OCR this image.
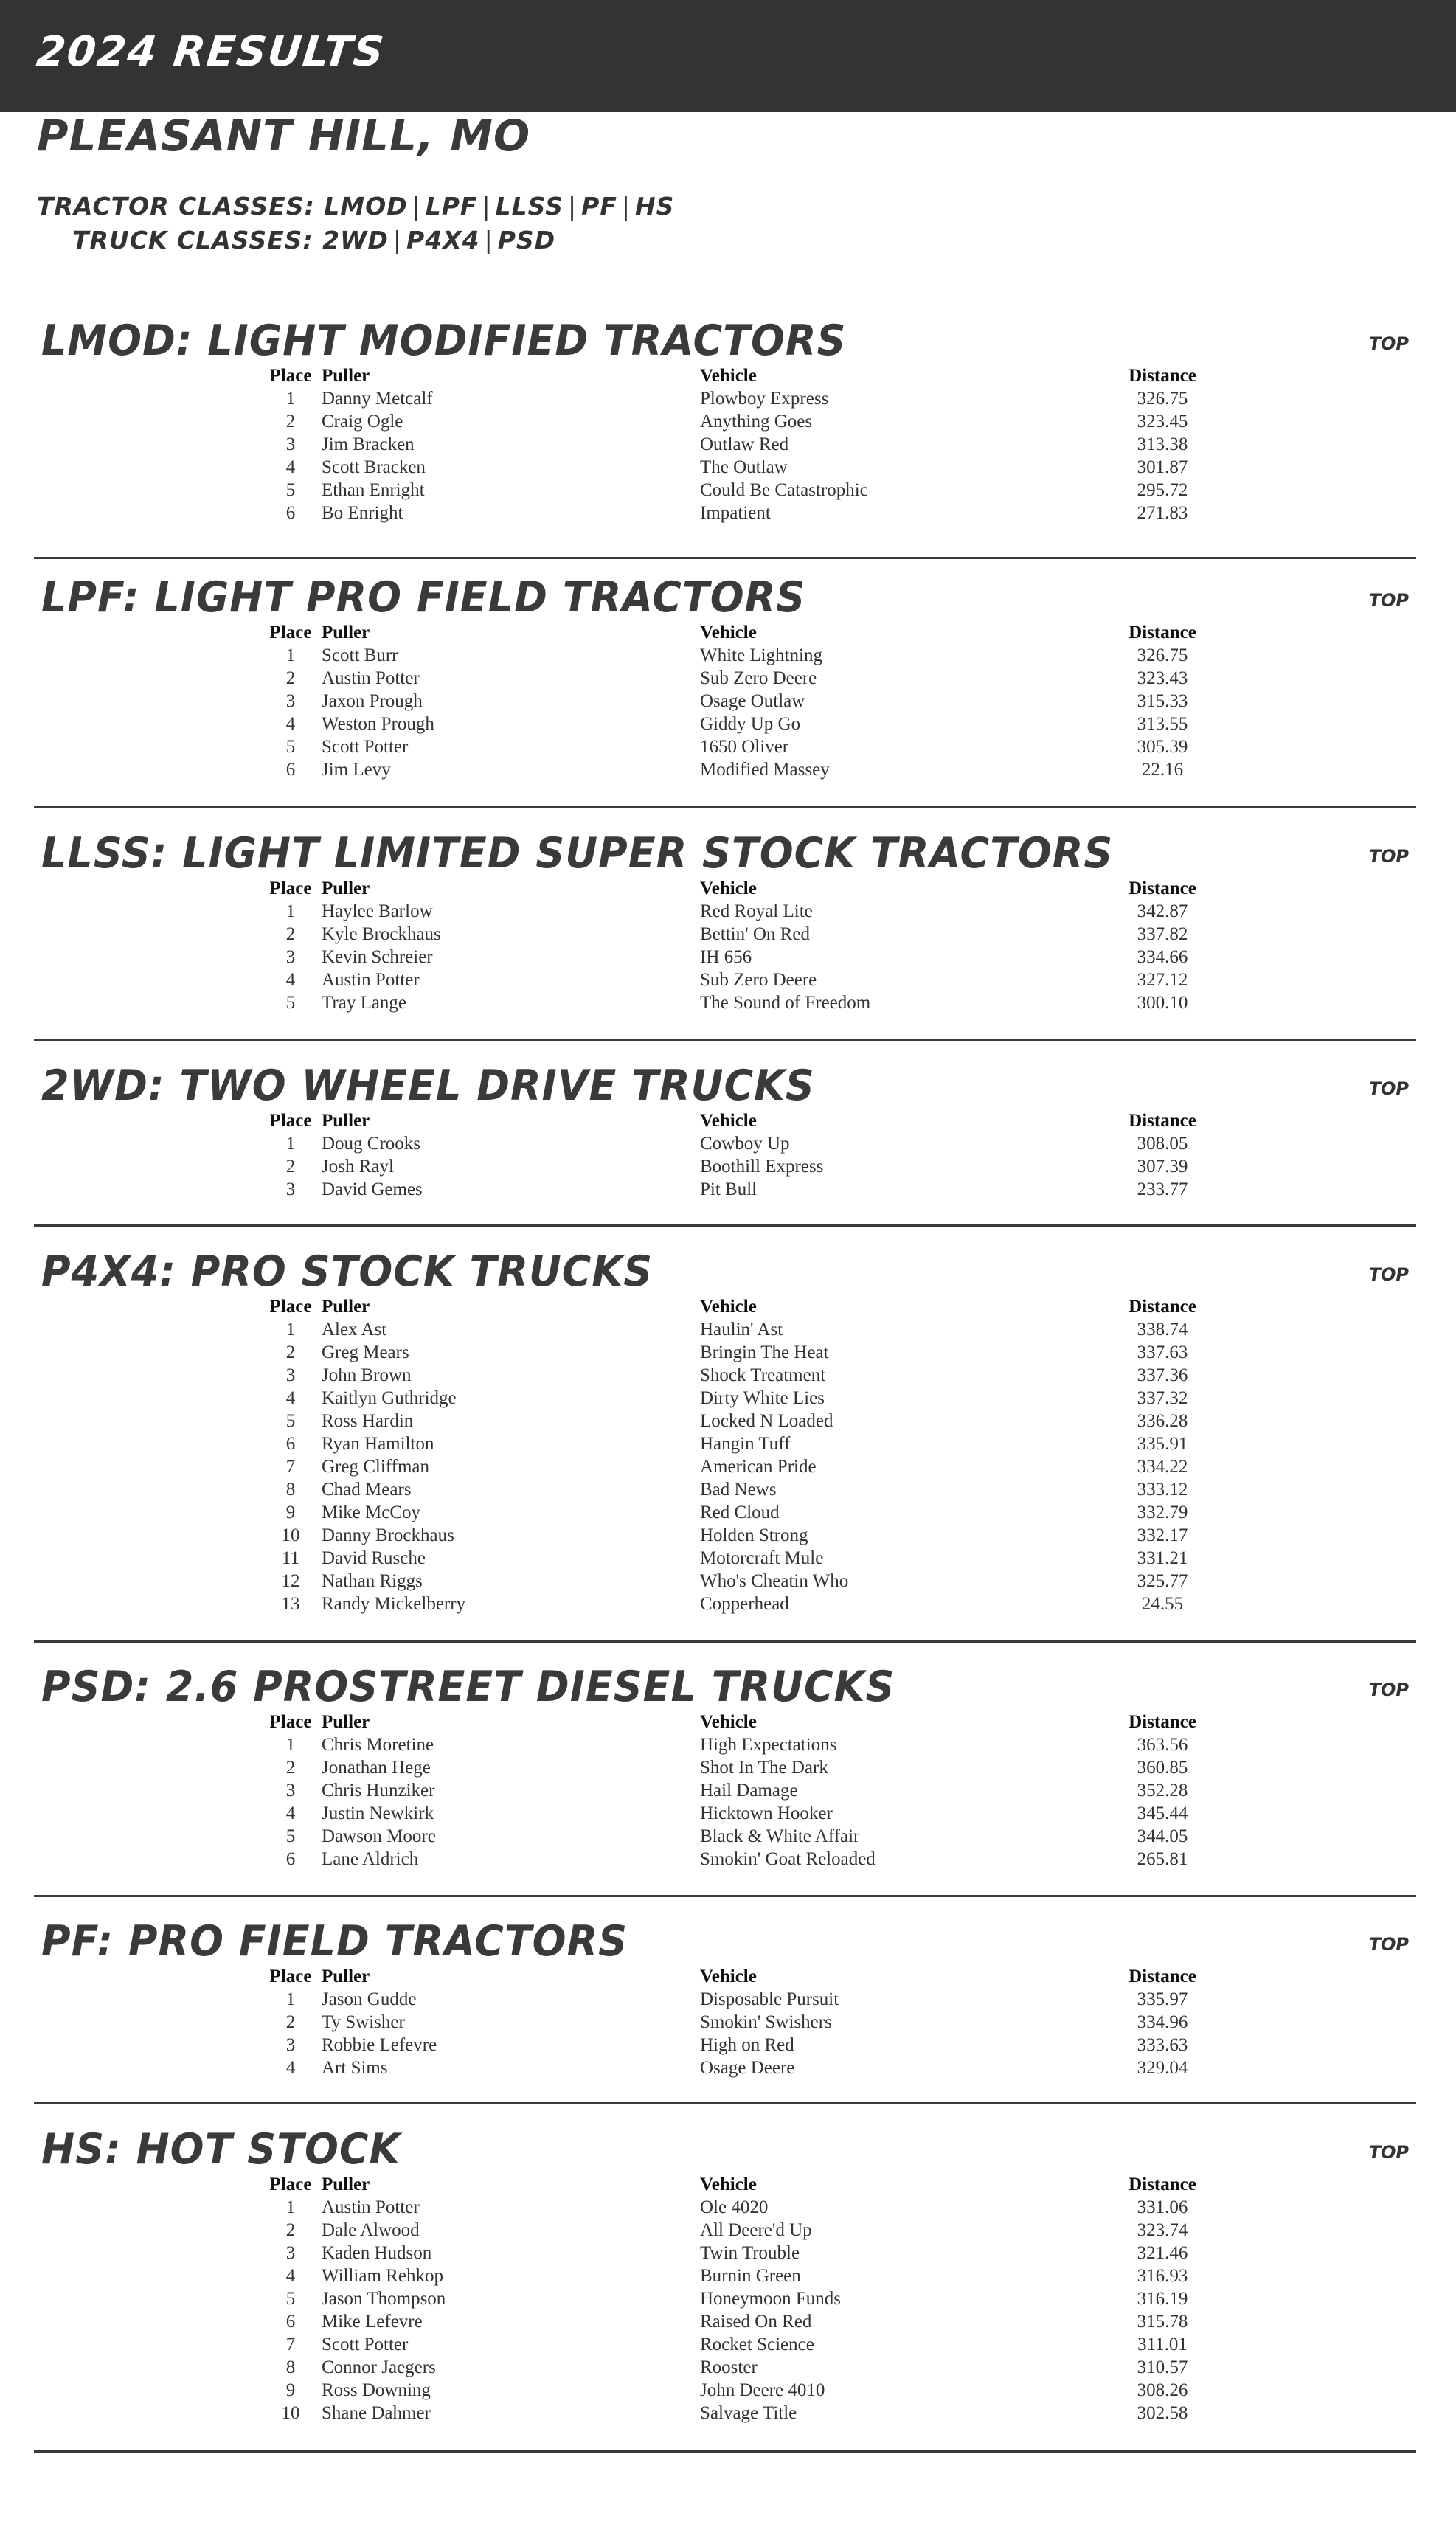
2024 RESULTS
PLEASANT HILL, MO
TRACTOR CLASSES: LMOD | LPF | LLSS | PF | HS
TRUCK CLASSES: 2WD | P4X4 | PSD
LMOD: LIGHT MODIFIED TRACTORS	TOP
Place	Puller	Vehicle	Distance
1	Danny Metcalf	Plowboy Express	326.75
2	Craig Ogle	Anything Goes	323.45
3	Jim Bracken	Outlaw Red	313.38
4	Scott Bracken	The Outlaw	301.87
5	Ethan Enright	Could Be Catastrophic	295.72
6	Bo Enright	Impatient	271.83
LPF: LIGHT PRO FIELD TRACTORS	TOP
Place	Puller	Vehicle	Distance
1	Scott Burr	White Lightning	326.75
2	Austin Potter	Sub Zero Deere	323.43
3	Jaxon Prough	Osage Outlaw	315.33
4	Weston Prough	Giddy Up Go	313.55
5	Scott Potter	1650 Oliver	305.39
6	Jim Levy	Modified Massey	22.16
LLSS: LIGHT LIMITED SUPER STOCK TRACTORS	TOP
Place	Puller	Vehicle	Distance
1	Haylee Barlow	Red Royal Lite	342.87
2	Kyle Brockhaus	Bettin' On Red	337.82
3	Kevin Schreier	IH 656	334.66
4	Austin Potter	Sub Zero Deere	327.12
5	Tray Lange	The Sound of Freedom	300.10
2WD: TWO WHEEL DRIVE TRUCKS	TOP
Place	Puller	Vehicle	Distance
1	Doug Crooks	Cowboy Up	308.05
2	Josh Rayl	Boothill Express	307.39
3	David Gemes	Pit Bull	233.77
P4X4: PRO STOCK TRUCKS	TOP
Place	Puller	Vehicle	Distance
1	Alex Ast	Haulin' Ast	338.74
2	Greg Mears	Bringin The Heat	337.63
3	John Brown	Shock Treatment	337.36
4	Kaitlyn Guthridge	Dirty White Lies	337.32
5	Ross Hardin	Locked N Loaded	336.28
6	Ryan Hamilton	Hangin Tuff	335.91
7	Greg Cliffman	American Pride	334.22
8	Chad Mears	Bad News	333.12
9	Mike McCoy	Red Cloud	332.79
10	Danny Brockhaus	Holden Strong	332.17
11	David Rusche	Motorcraft Mule	331.21
12	Nathan Riggs	Who's Cheatin Who	325.77
13	Randy Mickelberry	Copperhead	24.55
PSD: 2.6 PROSTREET DIESEL TRUCKS	TOP
Place	Puller	Vehicle	Distance
1	Chris Moretine	High Expectations	363.56
2	Jonathan Hege	Shot In The Dark	360.85
3	Chris Hunziker	Hail Damage	352.28
4	Justin Newkirk	Hicktown Hooker	345.44
5	Dawson Moore	Black & White Affair	344.05
6	Lane Aldrich	Smokin' Goat Reloaded	265.81
PF: PRO FIELD TRACTORS	TOP
Place	Puller	Vehicle	Distance
1	Jason Gudde	Disposable Pursuit	335.97
2	Ty Swisher	Smokin' Swishers	334.96
3	Robbie Lefevre	High on Red	333.63
4	Art Sims	Osage Deere	329.04
HS: HOT STOCK	TOP
Place	Puller	Vehicle	Distance
1	Austin Potter	Ole 4020	331.06
2	Dale Alwood	All Deere'd Up	323.74
3	Kaden Hudson	Twin Trouble	321.46
4	William Rehkop	Burnin Green	316.93
5	Jason Thompson	Honeymoon Funds	316.19
6	Mike Lefevre	Raised On Red	315.78
7	Scott Potter	Rocket Science	311.01
8	Connor Jaegers	Rooster	310.57
9	Ross Downing	John Deere 4010	308.26
10	Shane Dahmer	Salvage Title	302.58
